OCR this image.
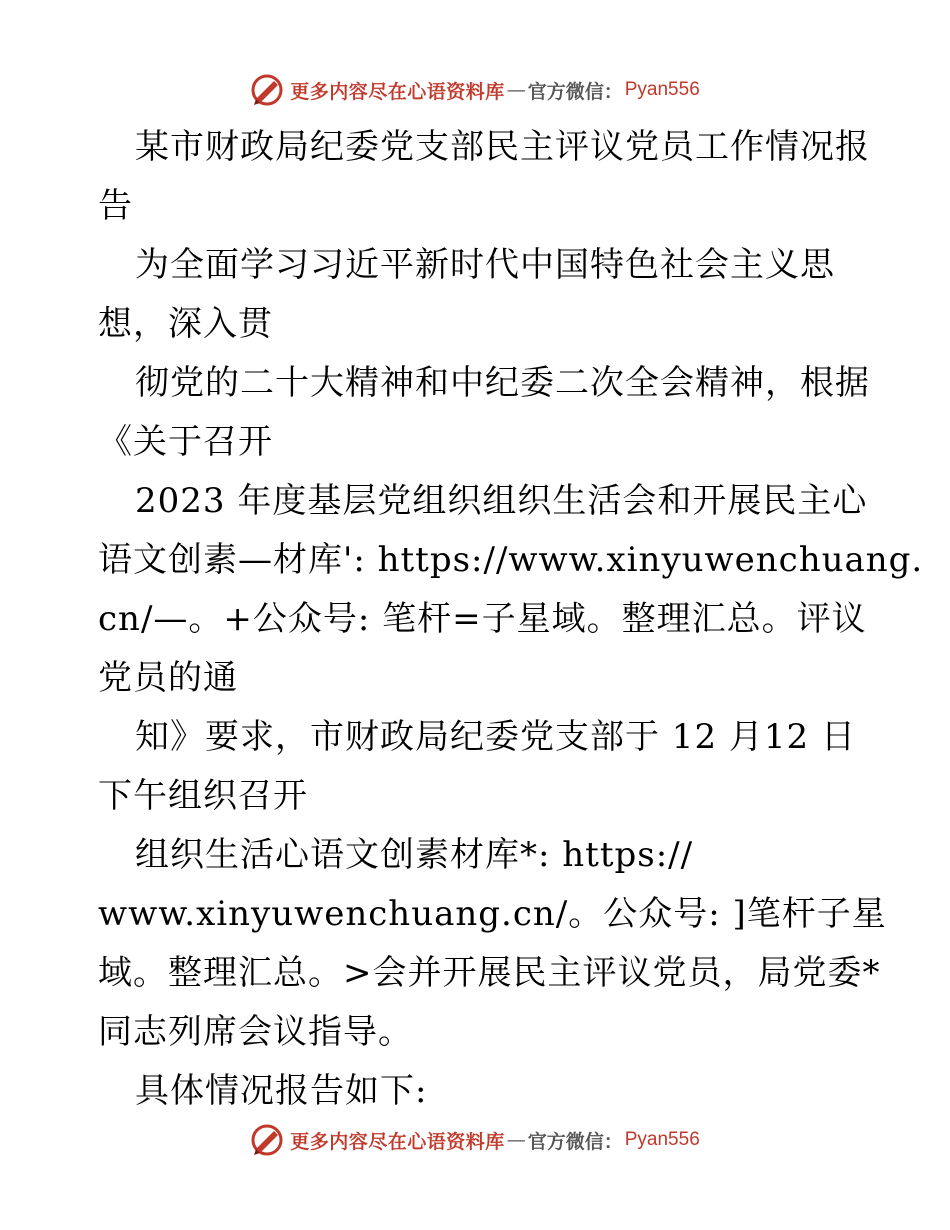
更多内容尽在心语资料库 — 官方微信： Pyan556
某市财政局纪委党支部民主评议党员工作情况报
告
为全面学习习近平新时代中国特色社会主义思
想，深入贯
彻党的二十大精神和中纪委二次全会精神，根据
《关于召开
2023 年度基层党组织组织生活会和开展民主心
语文创素—材库': https://www.xinyuwenchuang.
cn/—。+公众号: 笔杆=子星域。整理汇总。评议
党员的通
知》要求，市财政局纪委党支部于 12 月12 日
下午组织召开
组织生活心语文创素材库*: https://
www.xinyuwenchuang.cn/。公众号: ]笔杆子星
域。整理汇总。>会并开展民主评议党员，局党委*
同志列席会议指导。
具体情况报告如下:
更多内容尽在心语资料库 — 官方微信： Pyan556
